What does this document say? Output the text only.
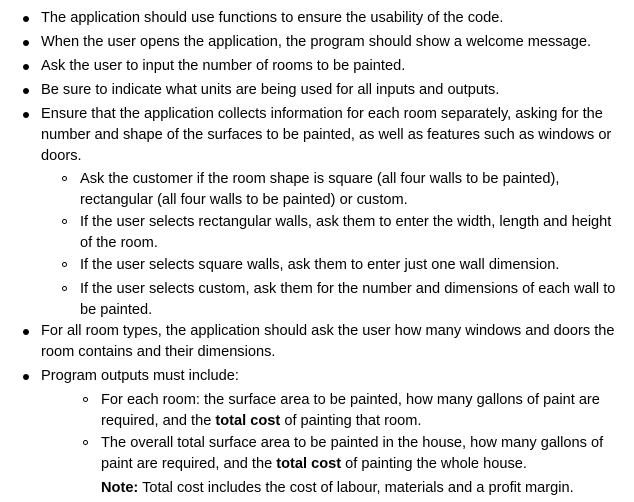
The application should use functions to ensure the usability of the code.
When the user opens the application, the program should show a welcome message.
Ask the user to input the number of rooms to be painted.
Be sure to indicate what units are being used for all inputs and outputs.
Ensure that the application collects information for each room separately, asking for the number and shape of the surfaces to be painted, as well as features such as windows or doors.
Ask the customer if the room shape is square (all four walls to be painted), rectangular (all four walls to be painted) or custom.
If the user selects rectangular walls, ask them to enter the width, length and height of the room.
If the user selects square walls, ask them to enter just one wall dimension.
If the user selects custom, ask them for the number and dimensions of each wall to be painted.
For all room types, the application should ask the user how many windows and doors the room contains and their dimensions.
Program outputs must include:
For each room: the surface area to be painted, how many gallons of paint are required, and the total cost of painting that room.
The overall total surface area to be painted in the house, how many gallons of paint are required, and the total cost of painting the whole house.
Note: Total cost includes the cost of labour, materials and a profit margin.
